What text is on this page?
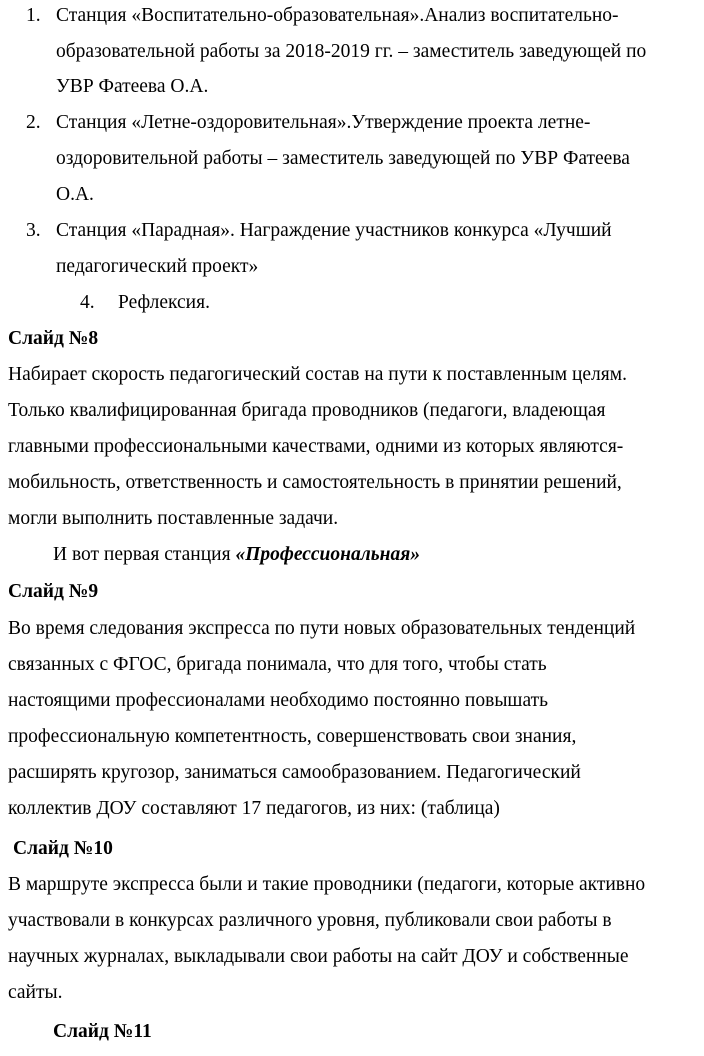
1. Станция «Воспитательно-образовательная».Анализ воспитательно-
образовательной работы за 2018-2019 гг. – заместитель заведующей по
УВР Фатеева О.А.
2. Станция «Летне-оздоровительная».Утверждение проекта летне-
оздоровительной работы – заместитель заведующей по УВР Фатеева
О.А.
3. Станция «Парадная». Награждение участников конкурса «Лучший
педагогический проект»
4. Рефлексия.
Слайд №8
Набирает скорость педагогический состав на пути к поставленным целям.
Только квалифицированная бригада проводников (педагоги, владеющая
главными профессиональными качествами, одними из которых являются-
мобильность, ответственность и самостоятельность в принятии решений,
могли выполнить поставленные задачи.
И вот первая станция «Профессиональная»
Слайд №9
Во время следования экспресса по пути новых образовательных тенденций
связанных с ФГОС, бригада понимала, что для того, чтобы стать
настоящими профессионалами необходимо постоянно повышать
профессиональную компетентность, совершенствовать свои знания,
расширять кругозор, заниматься самообразованием. Педагогический
коллектив ДОУ составляют 17 педагогов, из них: (таблица)
Слайд №10
В маршруте экспресса были и такие проводники (педагоги, которые активно
участвовали в конкурсах различного уровня, публиковали свои работы в
научных журналах, выкладывали свои работы на сайт ДОУ и собственные
сайты.
Слайд №11
